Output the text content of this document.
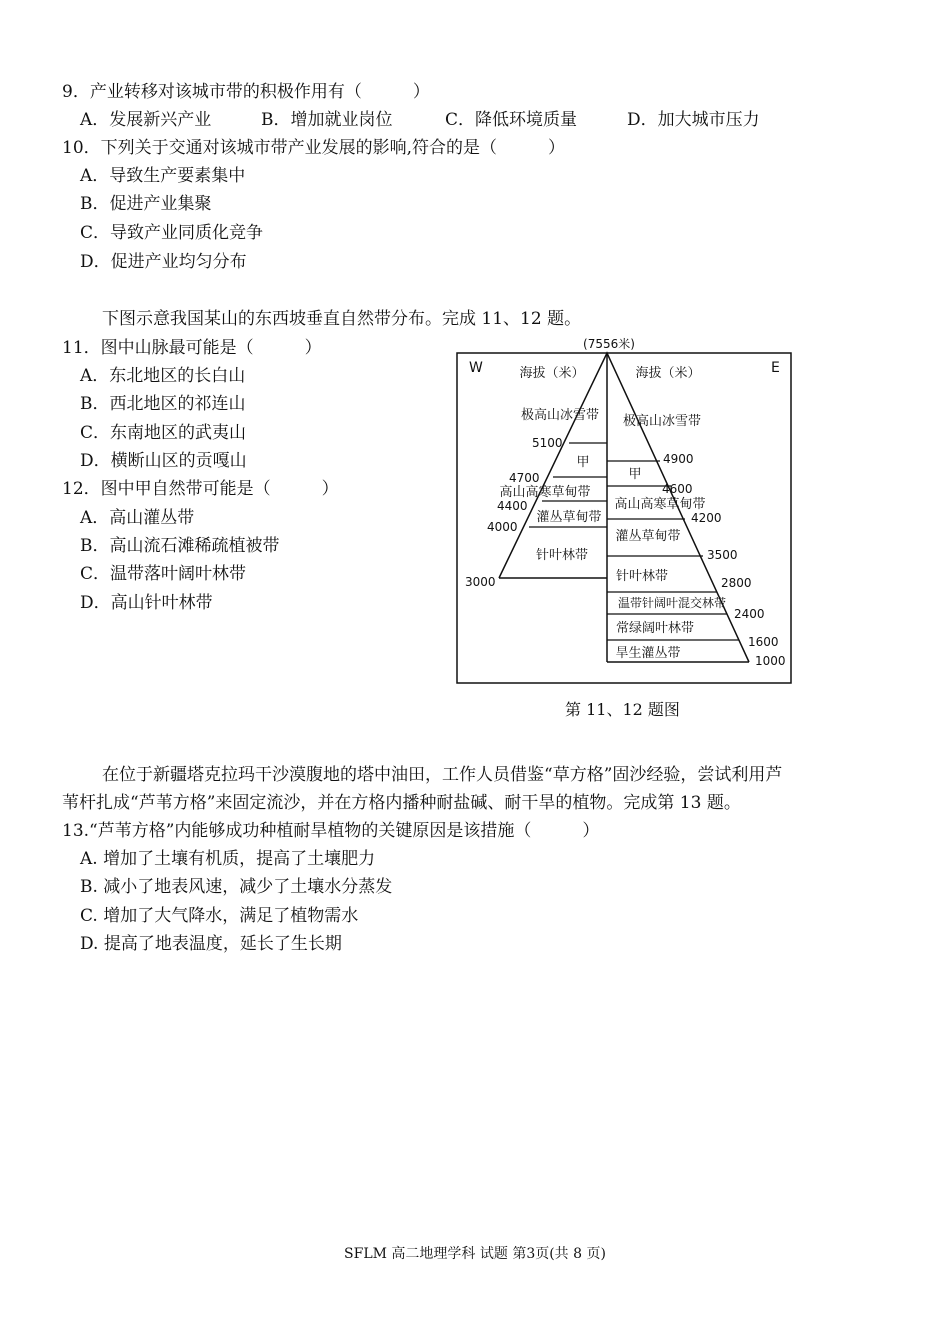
9．产业转移对该城市带的积极作用有（　　　）
A．发展新兴产业	B．增加就业岗位	C．降低环境质量	D．加大城市压力
10．下列关于交通对该城市带产业发展的影响,符合的是（　　　）
A．导致生产要素集中
B．促进产业集聚
C．导致产业同质化竞争
D．促进产业均匀分布
下图示意我国某山的东西坡垂直自然带分布。完成 11、12 题。
11．图中山脉最可能是（　　　）
A．东北地区的长白山
B．西北地区的祁连山
C．东南地区的武夷山
D．横断山区的贡嘎山
12．图中甲自然带可能是（　　　）
A．高山灌丛带
B．高山流石滩稀疏植被带
C．温带落叶阔叶林带
D．高山针叶林带
(7556米)
W	E
海拔（米）	海拔（米）
极高山冰雪带
甲
高山高寒草甸带
灌丛草甸带
针叶林带
极高山冰雪带
甲
高山高寒草甸带
灌丛草甸带
针叶林带
温带针阔叶混交林带
常绿阔叶林带
旱生灌丛带
5100
4700
4400
4000
3000
4900
4600
4200
3500
2800
2400
1600
1000
第 11、12 题图
在位于新疆塔克拉玛干沙漠腹地的塔中油田，工作人员借鉴“草方格”固沙经验，尝试利用芦
苇杆扎成“芦苇方格”来固定流沙，并在方格内播种耐盐碱、耐干旱的植物。完成第 13 题。
13.“芦苇方格”内能够成功种植耐旱植物的关键原因是该措施（　　　）
A. 增加了土壤有机质，提高了土壤肥力
B. 减小了地表风速，减少了土壤水分蒸发
C. 增加了大气降水，满足了植物需水
D. 提高了地表温度，延长了生长期
SFLM 高二地理学科 试题 第3页(共 8 页)
